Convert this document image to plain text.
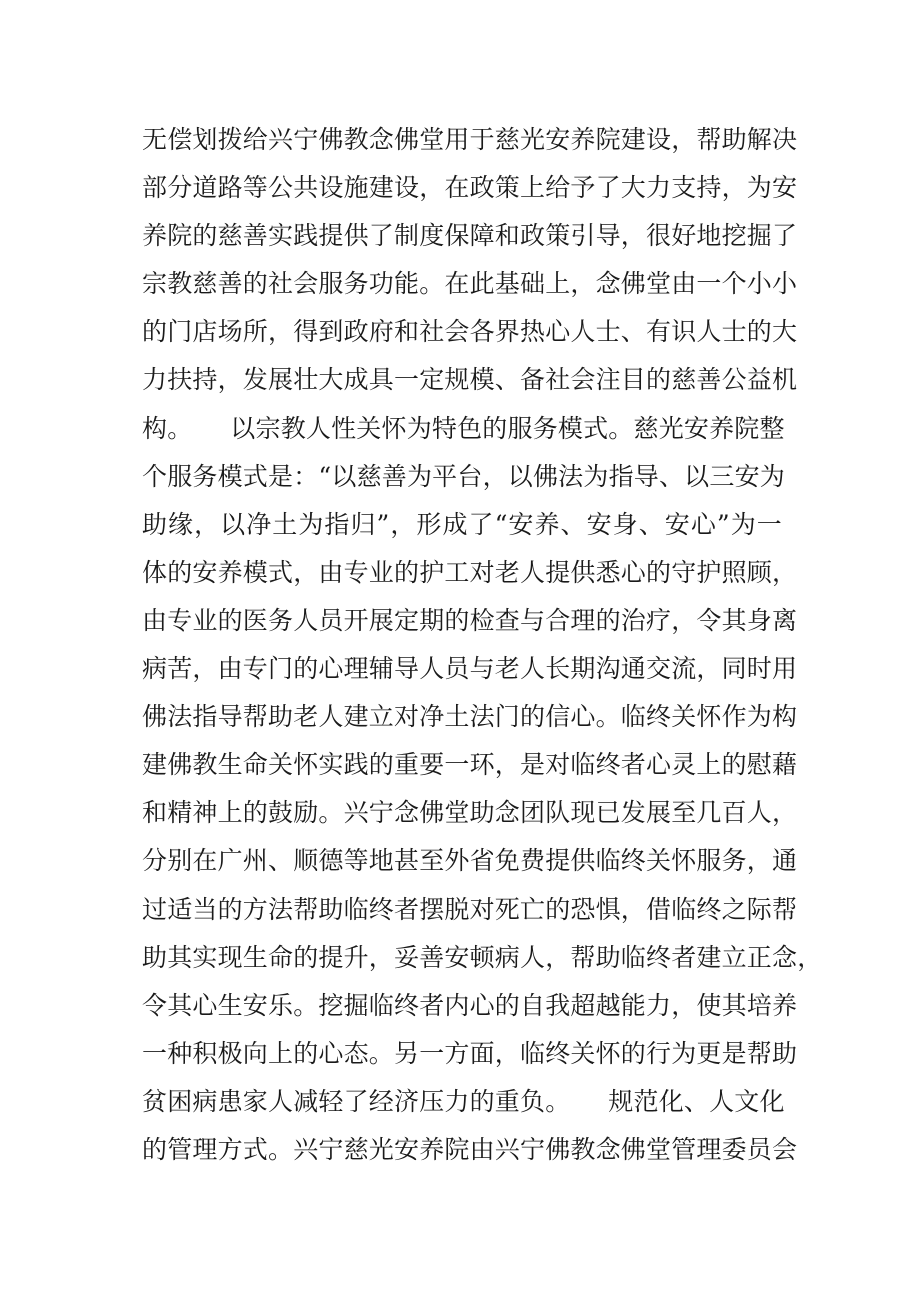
无偿划拨给兴宁佛教念佛堂用于慈光安养院建设，帮助解决
部分道路等公共设施建设，在政策上给予了大力支持，为安
养院的慈善实践提供了制度保障和政策引导，很好地挖掘了
宗教慈善的社会服务功能。在此基础上，念佛堂由一个小小
的门店场所，得到政府和社会各界热心人士、有识人士的大
力扶持，发展壮大成具一定规模、备社会注目的慈善公益机
构。　　以宗教人性关怀为特色的服务模式。慈光安养院整
个服务模式是：“以慈善为平台，以佛法为指导、以三安为
助缘，以净土为指归”，形成了“安养、安身、安心”为一
体的安养模式，由专业的护工对老人提供悉心的守护照顾，
由专业的医务人员开展定期的检查与合理的治疗，令其身离
病苦，由专门的心理辅导人员与老人长期沟通交流，同时用
佛法指导帮助老人建立对净土法门的信心。临终关怀作为构
建佛教生命关怀实践的重要一环，是对临终者心灵上的慰藉
和精神上的鼓励。兴宁念佛堂助念团队现已发展至几百人，
分别在广州、顺德等地甚至外省免费提供临终关怀服务，通
过适当的方法帮助临终者摆脱对死亡的恐惧，借临终之际帮
助其实现生命的提升，妥善安顿病人，帮助临终者建立正念，
令其心生安乐。挖掘临终者内心的自我超越能力，使其培养
一种积极向上的心态。另一方面，临终关怀的行为更是帮助
贫困病患家人减轻了经济压力的重负。　　规范化、人文化
的管理方式。兴宁慈光安养院由兴宁佛教念佛堂管理委员会
